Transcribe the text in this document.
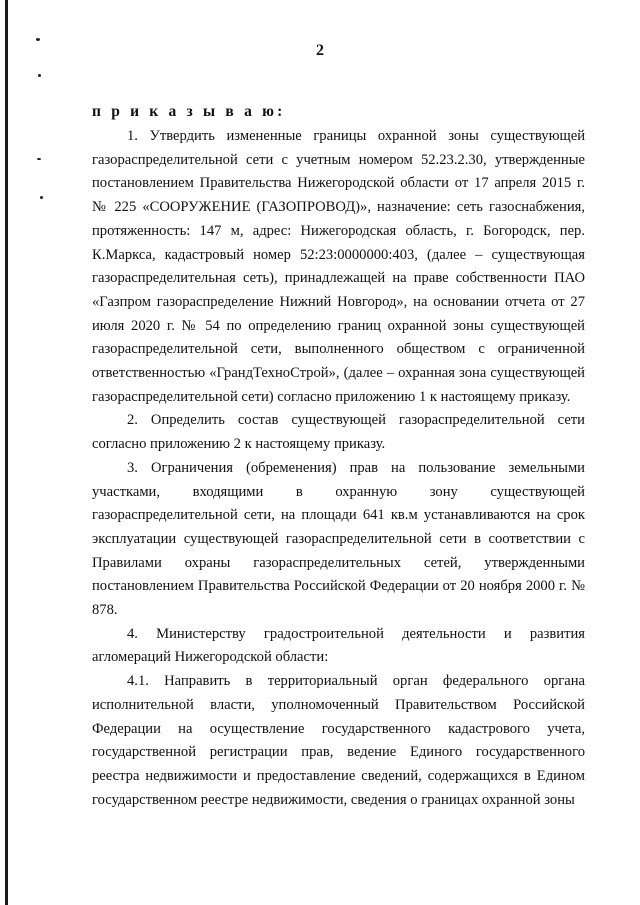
2
п р и к а з ы в а ю:

1. Утвердить измененные границы охранной зоны существующей газораспределительной сети с учетным номером 52.23.2.30, утвержденные постановлением Правительства Нижегородской области от 17 апреля 2015 г. № 225 «СООРУЖЕНИЕ (ГАЗОПРОВОД)», назначение: сеть газоснабжения, протяженность: 147 м, адрес: Нижегородская область, г. Богородск, пер. К.Маркса, кадастровый номер 52:23:0000000:403, (далее – существующая газораспределительная сеть), принадлежащей на праве собственности ПАО «Газпром газораспределение Нижний Новгород», на основании отчета от 27 июля 2020 г. № 54 по определению границ охранной зоны существующей газораспределительной сети, выполненного обществом с ограниченной ответственностью «ГрандТехноСтрой», (далее – охранная зона существующей газораспределительной сети) согласно приложению 1 к настоящему приказу.

2. Определить состав существующей газораспределительной сети согласно приложению 2 к настоящему приказу.

3. Ограничения (обременения) прав на пользование земельными участками, входящими в охранную зону существующей газораспределительной сети, на площади 641 кв.м устанавливаются на срок эксплуатации существующей газораспределительной сети в соответствии с Правилами охраны газораспределительных сетей, утвержденными постановлением Правительства Российской Федерации от 20 ноября 2000 г. № 878.

4. Министерству градостроительной деятельности и развития агломераций Нижегородской области:

4.1. Направить в территориальный орган федерального органа исполнительной власти, уполномоченный Правительством Российской Федерации на осуществление государственного кадастрового учета, государственной регистрации прав, ведение Единого государственного реестра недвижимости и предоставление сведений, содержащихся в Едином государственном реестре недвижимости, сведения о границах охранной зоны
